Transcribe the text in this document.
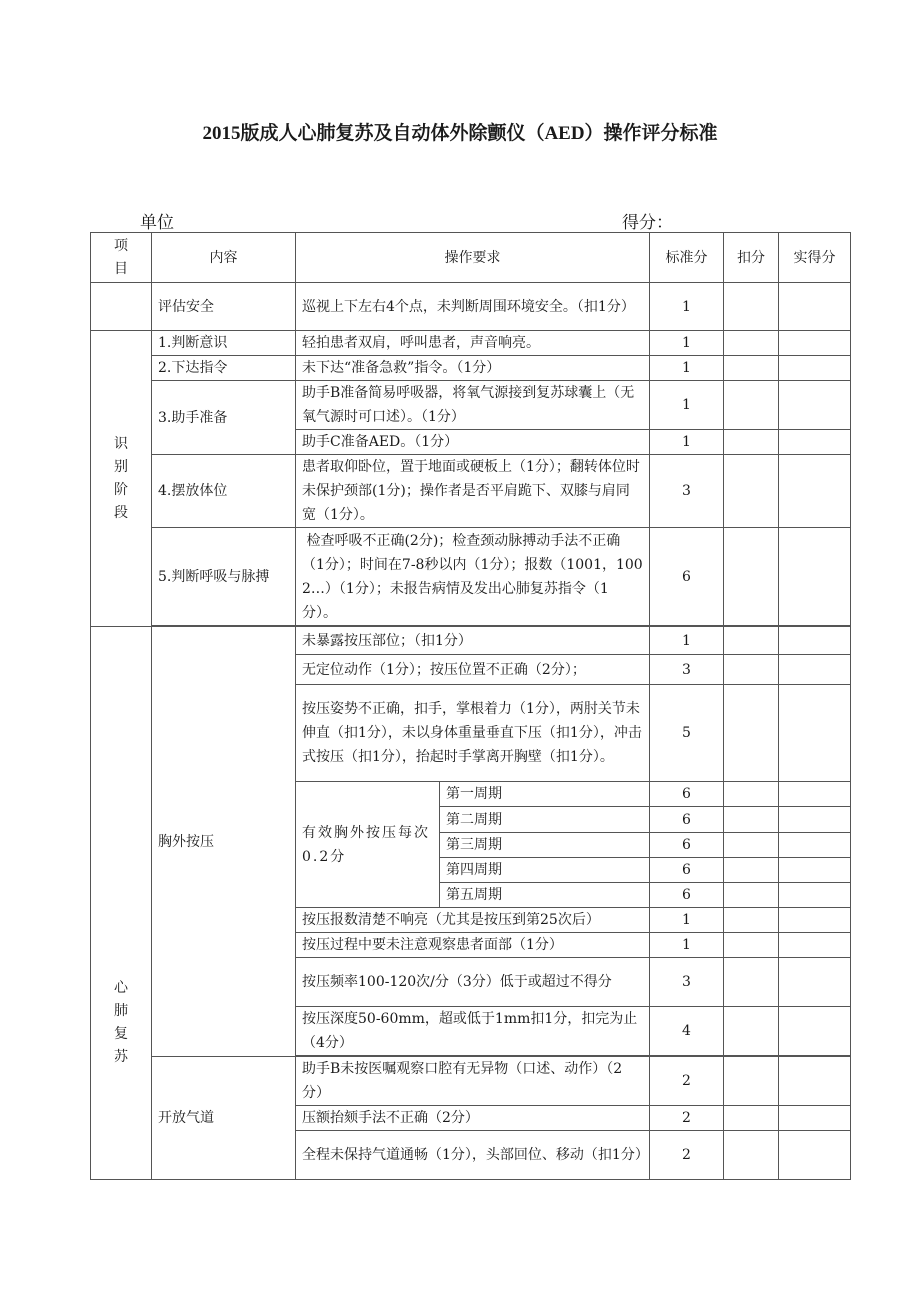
2015版成人心肺复苏及自动体外除颤仪（AED）操作评分标准
单位	得分：
项目	内容	操作要求		标准分	扣分	实得分
	评估安全	巡视上下左右4个点，未判断周围环境安全。（扣1分）		1		
识别阶段	1.判断意识	轻拍患者双肩，呼叫患者，声音响亮。		1		
	2.下达指令	未下达“准备急救”指令。（1分）		1		
	3.助手准备	助手B准备简易呼吸器，将氧气源接到复苏球囊上（无氧气源时可口述）。（1分）		1		
		助手C准备AED。（1分）		1		
	4.摆放体位	患者取仰卧位，置于地面或硬板上（1分）；翻转体位时未保护颈部(1分)；操作者是否平肩跪下、双膝与肩同宽（1分）。		3		
	5.判断呼吸与脉搏	检查呼吸不正确(2分)；检查颈动脉搏动手法不正确（1分）；时间在7-8秒以内（1分）；报数（1001，1002…）（1分）；未报告病情及发出心肺复苏指令（1分）。		6		

心肺复苏	胸外按压	未暴露按压部位；（扣1分）		1		
		无定位动作（1分）；按压位置不正确（2分）；		3		
		按压姿势不正确，扣手，掌根着力（1分），两肘关节未伸直（扣1分），未以身体重量垂直下压（扣1分），冲击式按压（扣1分），抬起时手掌离开胸壁（扣1分）。		5		
		有效胸外按压每次0.2分	第一周期	6		
			第二周期	6		
			第三周期	6		
			第四周期	6		
			第五周期	6		
		按压报数清楚不响亮（尤其是按压到第25次后）		1		
		按压过程中要未注意观察患者面部（1分）		1		
		按压频率100-120次/分（3分）低于或超过不得分		3		
		按压深度50-60mm，超或低于1mm扣1分，扣完为止（4分）		4		

	开放气道	助手B未按医嘱观察口腔有无异物（口述、动作）（2分）		2		
		压额抬颏手法不正确（2分）		2		
		全程未保持气道通畅（1分），头部回位、移动（扣1分）		2		
